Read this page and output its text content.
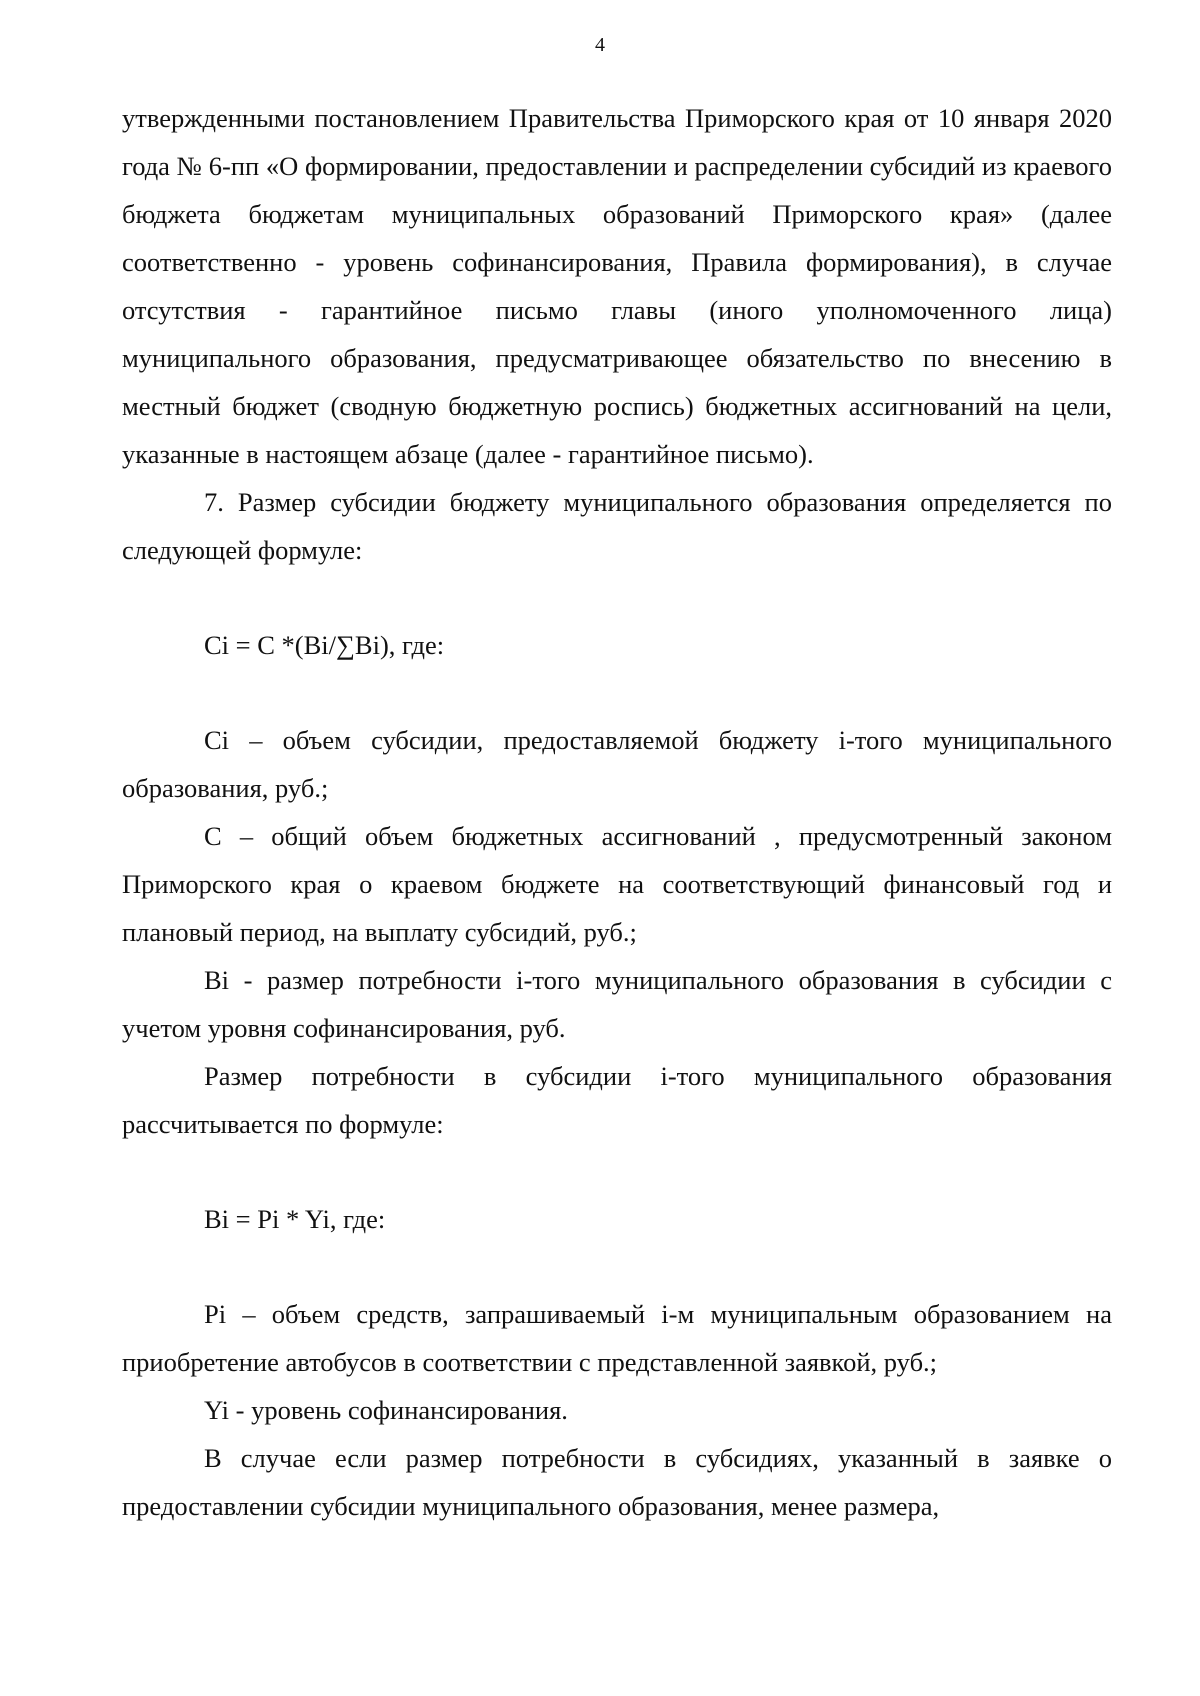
4

утвержденными постановлением Правительства Приморского края от 10 января 2020 года № 6-пп «О формировании, предоставлении и распределении субсидий из краевого бюджета бюджетам муниципальных образований Приморского края» (далее соответственно - уровень софинансирования, Правила формирования), в случае отсутствия - гарантийное письмо главы (иного уполномоченного лица) муниципального образования, предусматривающее обязательство по внесению в местный бюджет (сводную бюджетную роспись) бюджетных ассигнований на цели, указанные в настоящем абзаце (далее - гарантийное письмо).

7. Размер субсидии бюджету муниципального образования определяется по следующей формуле:

Ci = C *(Bi/∑Bi), где:

Ci – объем субсидии, предоставляемой бюджету i-того муниципального образования, руб.;

C – общий объем бюджетных ассигнований , предусмотренный законом Приморского края о краевом бюджете на соответствующий финансовый год и плановый период, на выплату субсидий, руб.;

Bi - размер потребности i-того муниципального образования в субсидии с учетом уровня софинансирования, руб.

Размер потребности в субсидии i-того муниципального образования рассчитывается по формуле:

Bi = Pi * Yi, где:

Pi – объем средств, запрашиваемый i-м муниципальным образованием на приобретение автобусов в соответствии с представленной заявкой, руб.;

Yi - уровень софинансирования.

В случае если размер потребности в субсидиях, указанный в заявке о предоставлении субсидии муниципального образования, менее размера,
